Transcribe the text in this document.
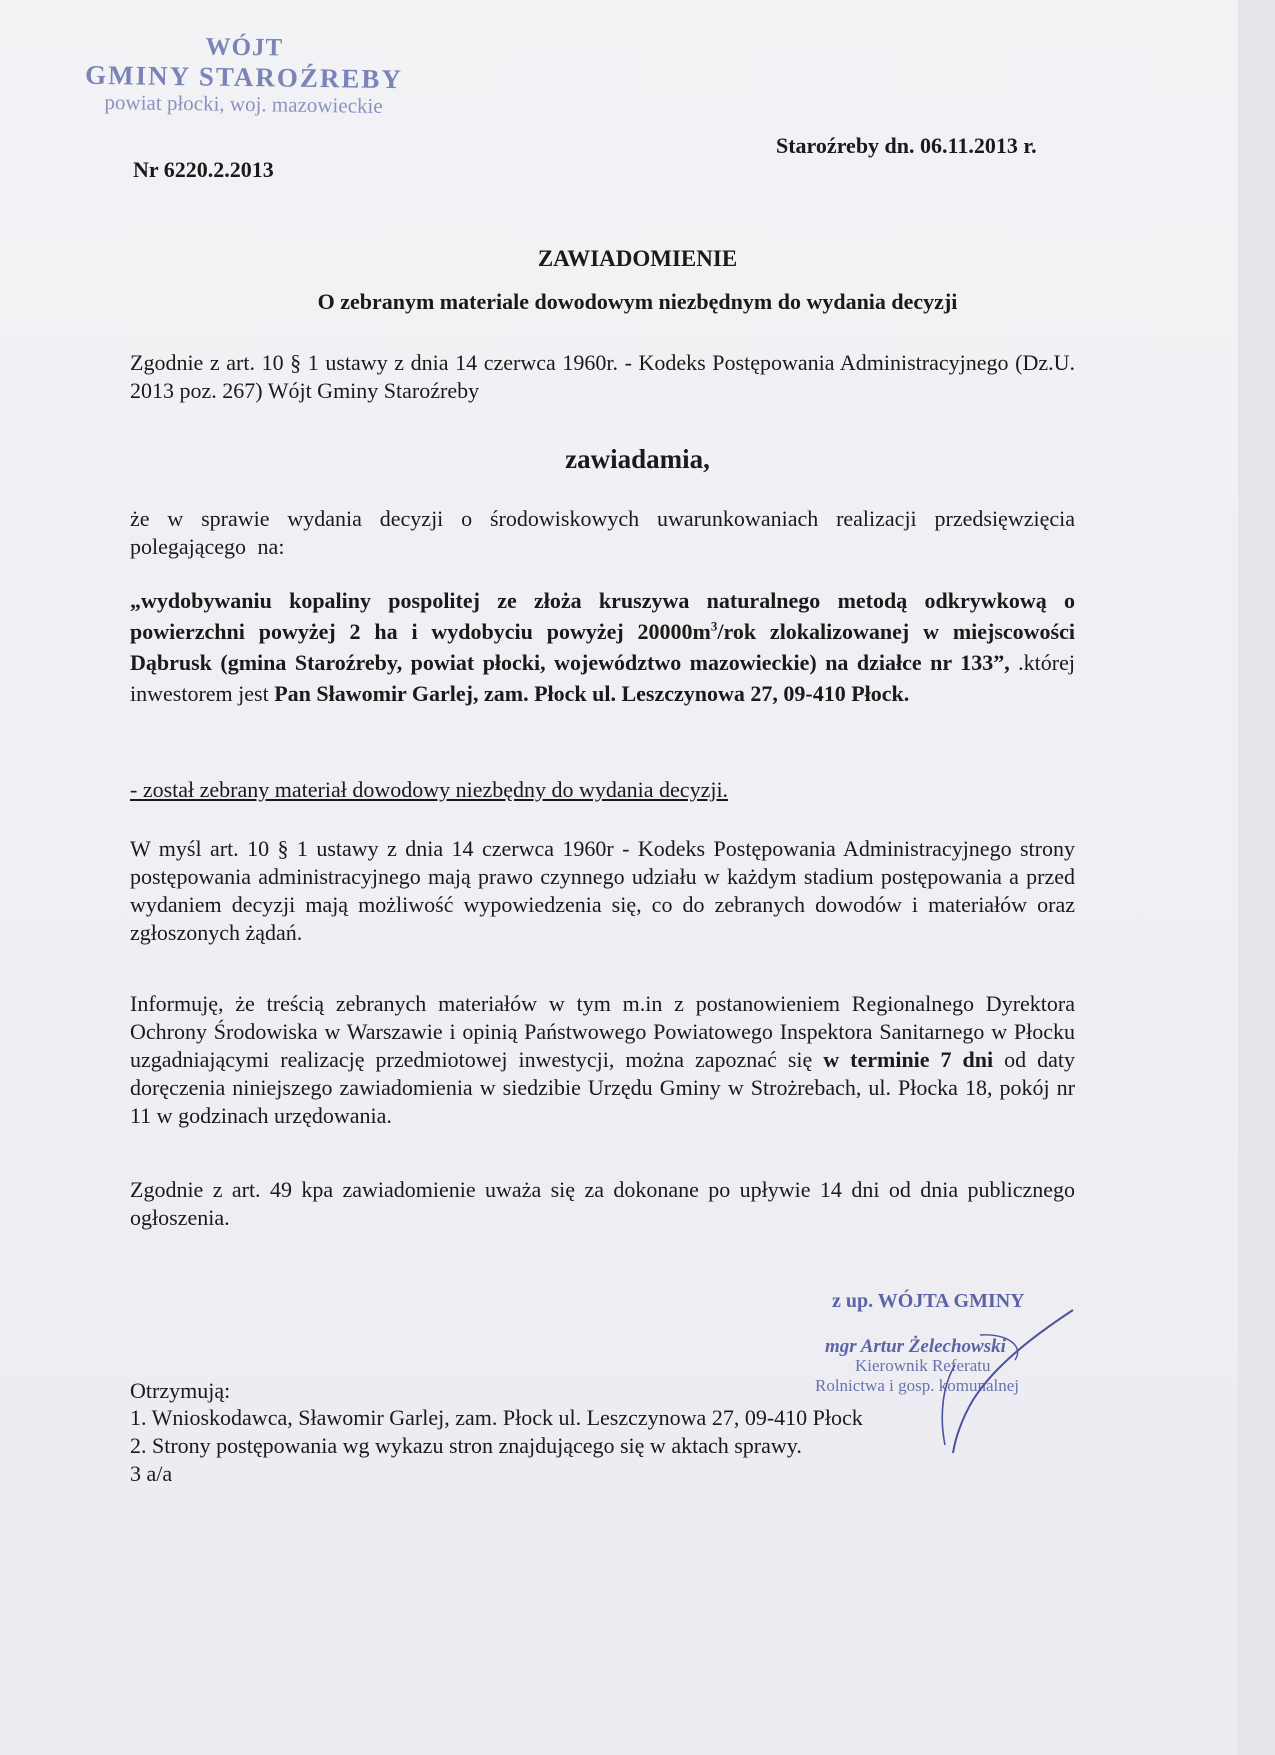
WÓJT
GMINY STAROŹREBY
powiat płocki, woj. mazowieckie
Staroźreby dn. 06.11.2013 r.
Nr 6220.2.2013
ZAWIADOMIENIE
O zebranym materiale dowodowym niezbędnym do wydania decyzji
Zgodnie z art. 10 § 1 ustawy z dnia 14 czerwca 1960r. - Kodeks Postępowania Administracyjnego (Dz.U. 2013 poz. 267) Wójt Gminy Staroźreby
zawiadamia,
że w sprawie wydania decyzji o środowiskowych uwarunkowaniach realizacji przedsięwzięcia polegającego na:
„wydobywaniu kopaliny pospolitej ze złoża kruszywa naturalnego metodą odkrywkową o powierzchni powyżej 2 ha i wydobyciu powyżej $20000m^3$/rok zlokalizowanej w miejscowości Dąbrusk (gmina Staroźreby, powiat płocki, województwo mazowieckie) na działce nr 133”, .której inwestorem jest Pan Sławomir Garlej, zam. Płock ul. Leszczynowa 27, 09-410 Płock.
- został zebrany materiał dowodowy niezbędny do wydania decyzji.
W myśl art. 10 § 1 ustawy z dnia 14 czerwca 1960r - Kodeks Postępowania Administracyjnego strony postępowania administracyjnego mają prawo czynnego udziału w każdym stadium postępowania a przed wydaniem decyzji mają możliwość wypowiedzenia się, co do zebranych dowodów i materiałów oraz zgłoszonych żądań.
Informuję, że treścią zebranych materiałów w tym m.in z postanowieniem Regionalnego Dyrektora Ochrony Środowiska w Warszawie i opinią Państwowego Powiatowego Inspektora Sanitarnego w Płocku uzgadniającymi realizację przedmiotowej inwestycji, można zapoznać się w terminie 7 dni od daty doręczenia niniejszego zawiadomienia w siedzibie Urzędu Gminy w Strożrebach, ul. Płocka 18, pokój nr 11 w godzinach urzędowania.
Zgodnie z art. 49 kpa zawiadomienie uważa się za dokonane po upływie 14 dni od dnia publicznego ogłoszenia.
z up. WÓJTA GMINY
mgr Artur Żelechowski
Kierownik Referatu
Rolnictwa i gosp. komunalnej
Otrzymują:
1. Wnioskodawca, Sławomir Garlej, zam. Płock ul. Leszczynowa 27, 09-410 Płock
2. Strony postępowania wg wykazu stron znajdującego się w aktach sprawy.
3 a/a
